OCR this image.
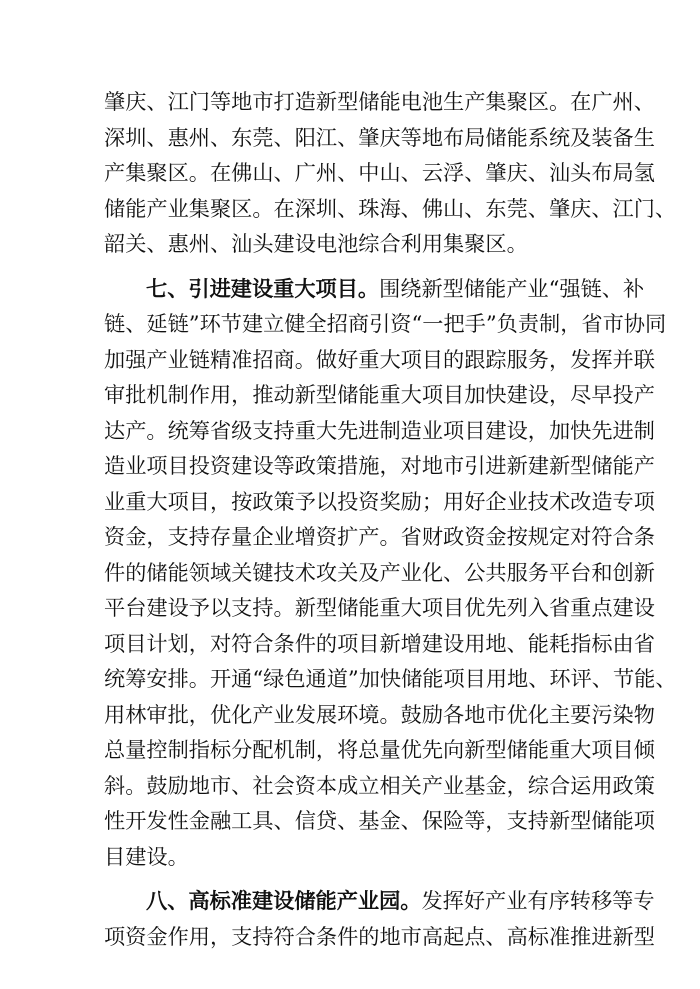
肇庆、江门等地市打造新型储能电池生产集聚区。在广州、
深圳、惠州、东莞、阳江、肇庆等地布局储能系统及装备生
产集聚区。在佛山、广州、中山、云浮、肇庆、汕头布局氢
储能产业集聚区。在深圳、珠海、佛山、东莞、肇庆、江门、
韶关、惠州、汕头建设电池综合利用集聚区。
七、引进建设重大项目。围绕新型储能产业“强链、补
链、延链”环节建立健全招商引资“一把手”负责制，省市协同
加强产业链精准招商。做好重大项目的跟踪服务，发挥并联
审批机制作用，推动新型储能重大项目加快建设，尽早投产
达产。统筹省级支持重大先进制造业项目建设，加快先进制
造业项目投资建设等政策措施，对地市引进新建新型储能产
业重大项目，按政策予以投资奖励；用好企业技术改造专项
资金，支持存量企业增资扩产。省财政资金按规定对符合条
件的储能领域关键技术攻关及产业化、公共服务平台和创新
平台建设予以支持。新型储能重大项目优先列入省重点建设
项目计划，对符合条件的项目新增建设用地、能耗指标由省
统筹安排。开通“绿色通道”加快储能项目用地、环评、节能、
用林审批，优化产业发展环境。鼓励各地市优化主要污染物
总量控制指标分配机制，将总量优先向新型储能重大项目倾
斜。鼓励地市、社会资本成立相关产业基金，综合运用政策
性开发性金融工具、信贷、基金、保险等，支持新型储能项
目建设。
八、高标准建设储能产业园。发挥好产业有序转移等专
项资金作用，支持符合条件的地市高起点、高标准推进新型
